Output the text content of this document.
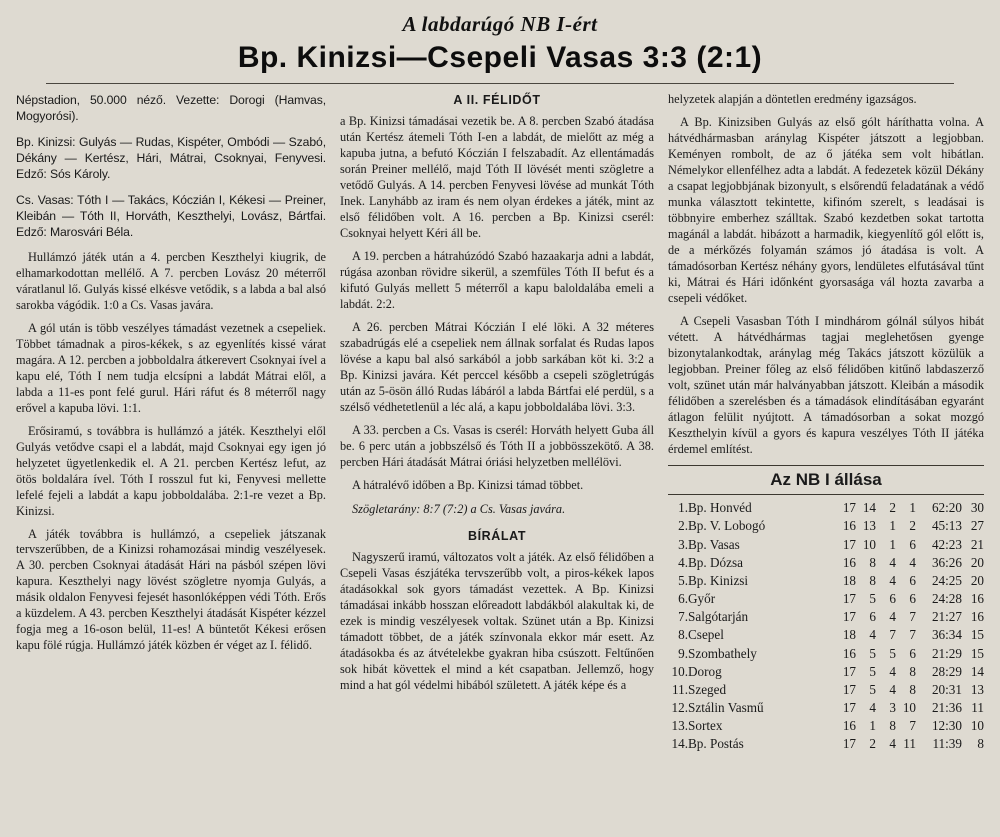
A labdarúgó NB I-ért
Bp. Kinizsi—Csepeli Vasas 3:3 (2:1)

Népstadion, 50.000 néző. Vezette: Dorogi (Hamvas, Mogyorósi).

Bp. Kinizsi: Gulyás — Rudas, Kispéter, Ombódi — Szabó, Dékány — Kertész, Hári, Mátrai, Csoknyai, Fenyvesi. Edző: Sós Károly.

Cs. Vasas: Tóth I — Takács, Kóczián I, Kékesi — Preiner, Kleibán — Tóth II, Horváth, Keszthelyi, Lovász, Bártfai. Edző: Marosvári Béla.

Hullámzó játék után a 4. percben Keszthelyi kiugrik, de elhamarkodottan mellélő. A 7. percben Lovász 20 méterről váratlanul lő. Gulyás kissé elkésve vetődik, s a labda a bal alsó sarokba vágódik. 1:0 a Cs. Vasas javára.

A gól után is több veszélyes támadást vezetnek a csepeliek. Többet támadnak a piros-kékek, s az egyenlítés kissé várat magára. A 12. percben a jobboldalra átkerevert Csoknyai ível a kapu elé, Tóth I nem tudja elcsípni a labdát Mátrai elől, a labda a 11-es pont felé gurul. Hári ráfut és 8 méterről nagy erővel a kapuba lövi. 1:1.

Erősiramú, s továbbra is hullámzó a játék. Keszthelyi elől Gulyás vetődve csapi el a labdát, majd Csoknyai egy igen jó helyzetet ügyetlenkedik el. A 21. percben Kertész lefut, az ötös boldalára ível. Tóth I rosszul fut ki, Fenyvesi mellette lefelé fejeli a labdát a kapu jobboldalába. 2:1-re vezet a Bp. Kinizsi.

A játék továbbra is hullámzó, a csepeliek játszanak tervszerűbben, de a Kinizsi rohamozásai mindig veszélyesek. A 30. percben Csoknyai átadását Hári na pásból szépen lövi kapura. Keszthelyi nagy lövést szögletre nyomja Gulyás, a másik oldalon Fenyvesi fejesét hasonlóképpen védi Tóth. Erős a küzdelem. A 43. percben Keszthelyi átadását Kispéter kézzel fogja meg a 16-oson belül, 11-es! A büntetőt Kékesi erősen kapu fölé rúgja. Hullámzó játék közben ér véget az I. félidő.

A II. FÉLIDŐT

a Bp. Kinizsi támadásai vezetik be. A 8. percben Szabó átadása után Kertész átemeli Tóth I-en a labdát, de mielőtt az még a kapuba jutna, a befutó Kóczián I felszabadít. Az ellentámadás során Preiner mellélő, majd Tóth II lövését menti szögletre a vetődő Gulyás. A 14. percben Fenyvesi lövése ad munkát Tóth Inek. Lanyhább az iram és nem olyan érdekes a játék, mint az első félidőben volt. A 16. percben a Bp. Kinizsi cserél: Csoknyai helyett Kéri áll be.

A 19. percben a hátrahúzódó Szabó hazaakarja adni a labdát, rúgása azonban rövidre sikerül, a szemfüles Tóth II befut és a kifutó Gulyás mellett 5 méterről a kapu baloldalába emeli a labdát. 2:2.

A 26. percben Mátrai Kóczián I elé löki. A 32 méteres szabadrúgás elé a csepeliek nem állnak sorfalat és Rudas lapos lövése a kapu bal alsó sarkából a jobb sarkában köt ki. 3:2 a Bp. Kinizsi javára. Két perccel később a csepeli szögletrúgás után az 5-ösön álló Rudas lábáról a labda Bártfai elé perdül, s a szélső védhetetlenül a léc alá, a kapu jobboldalába lövi. 3:3.

A 33. percben a Cs. Vasas is cserél: Horváth helyett Guba áll be. 6 perc után a jobbszélső és Tóth II a jobbösszekötő. A 38. percben Hári átadását Mátrai óriási helyzetben mellélövi.

A hátralévő időben a Bp. Kinizsi támad többet.

Szögletarány: 8:7 (7:2) a Cs. Vasas javára.

BÍRÁLAT

Nagyszerű iramú, változatos volt a játék. Az első félidőben a Csepeli Vasas észjátéka tervszerűbb volt, a piros-kékek lapos átadásokkal sok gyors támadást vezettek. A Bp. Kinizsi támadásai inkább hosszan előreadott labdákból alakultak ki, de ezek is mindig veszélyesek voltak. Szünet után a Bp. Kinizsi támadott többet, de a játék színvonala ekkor már esett. Az átadásokba és az átvételekbe gyakran hiba csúszott. Feltűnően sok hibát követtek el mind a két csapatban. Jellemző, hogy mind a hat gól védelmi hibából született. A játék képe és a

helyzetek alapján a döntetlen eredmény igazságos.

A Bp. Kinizsiben Gulyás az első gólt háríthatta volna. A hátvédhármasban aránylag Kispéter játszott a legjobban. Keményen rombolt, de az ő játéka sem volt hibátlan. Némelykor ellenfélhez adta a labdát. A fedezetek közül Dékány a csapat legjobbjának bizonyult, s elsőrendű feladatának a védő munka választott tekintette, kifinóm szerelt, s leadásai is többnyire emberhez szálltak. Szabó kezdetben sokat tartotta magánál a labdát. hibázott a harmadik, kiegyenlítő gól előtt is, de a mérkőzés folyamán számos jó átadása is volt. A támadósorban Kertész néhány gyors, lendületes elfutásával tűnt ki, Mátrai és Hári időnként gyorsasága vál hozta zavarba a csepeli védőket.

A Csepeli Vasasban Tóth I mindhárom gólnál súlyos hibát vétett. A hátvédhármas tagjai meglehetősen gyenge bizonytalankodtak, aránylag még Takács játszott közülük a legjobban. Preiner főleg az első félidőben kitűnő labdaszerző volt, szünet után már halványabban játszott. Kleibán a második félidőben a szerelésben és a támadások elindításában egyaránt átlagon felülit nyújtott. A támadósorban a sokat mozgó Keszthelyin kívül a gyors és kapura veszélyes Tóth II játéka érdemel említést.

Az NB I állása
1.	Bp. Honvéd	17	14	2	1	62:20	30
2.	Bp. V. Lobogó	16	13	1	2	45:13	27
3.	Bp. Vasas	17	10	1	6	42:23	21
4.	Bp. Dózsa	16	8	4	4	36:26	20
5.	Bp. Kinizsi	18	8	4	6	24:25	20
6.	Győr	17	5	6	6	24:28	16
7.	Salgótarján	17	6	4	7	21:27	16
8.	Csepel	18	4	7	7	36:34	15
9.	Szombathely	16	5	5	6	21:29	15
10.	Dorog	17	5	4	8	28:29	14
11.	Szeged	17	5	4	8	20:31	13
12.	Sztálin Vasmű	17	4	3	10	21:36	11
13.	Sortex	16	1	8	7	12:30	10
14.	Bp. Postás	17	2	4	11	11:39	8
